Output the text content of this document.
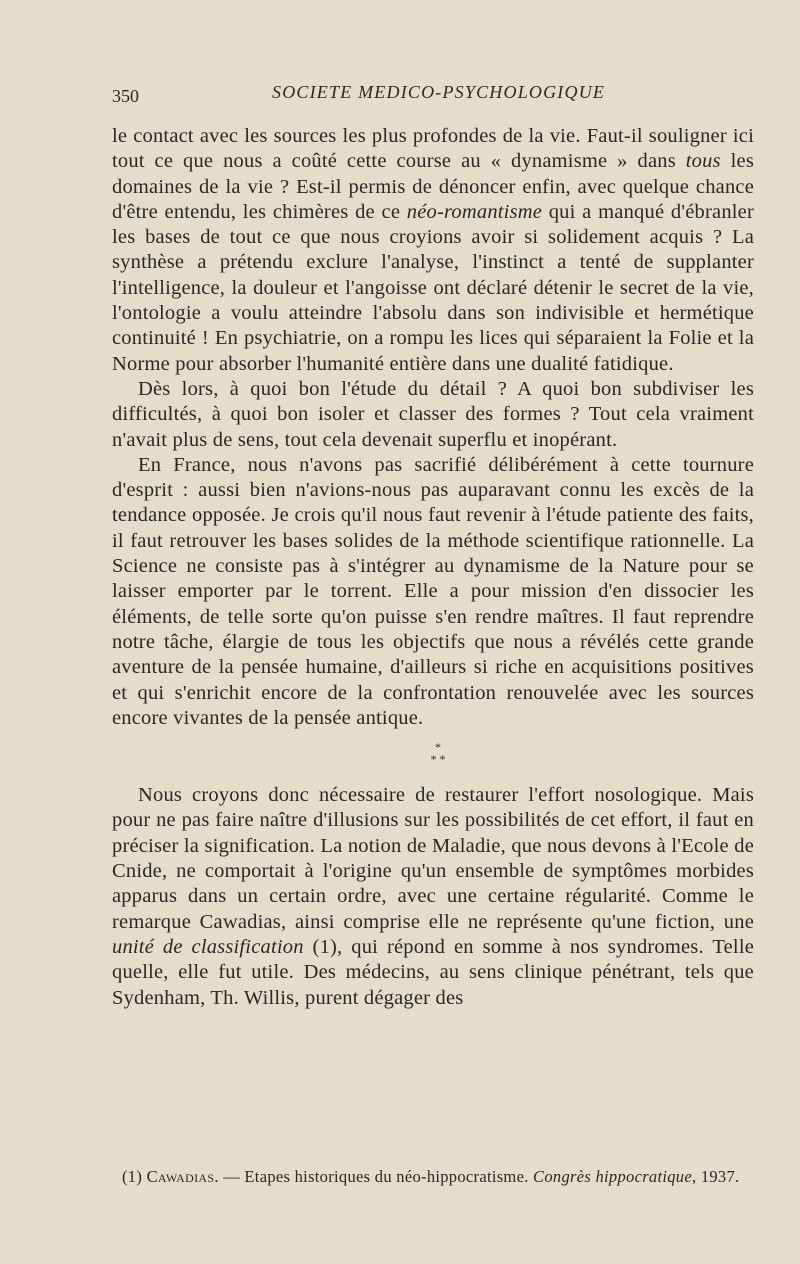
350	SOCIETE MEDICO-PSYCHOLOGIQUE

le contact avec les sources les plus profondes de la vie. Faut-il souligner ici tout ce que nous a coûté cette course au « dynamisme » dans tous les domaines de la vie ? Est-il permis de dénoncer enfin, avec quelque chance d'être entendu, les chimères de ce néo-romantisme qui a manqué d'ébranler les bases de tout ce que nous croyions avoir si solidement acquis ? La synthèse a prétendu exclure l'analyse, l'instinct a tenté de supplanter l'intelligence, la douleur et l'angoisse ont déclaré détenir le secret de la vie, l'ontologie a voulu atteindre l'absolu dans son indivisible et hermétique continuité ! En psychiatrie, on a rompu les lices qui séparaient la Folie et la Norme pour absorber l'humanité entière dans une dualité fatidique.

Dès lors, à quoi bon l'étude du détail ? A quoi bon subdiviser les difficultés, à quoi bon isoler et classer des formes ? Tout cela vraiment n'avait plus de sens, tout cela devenait superflu et inopérant.

En France, nous n'avons pas sacrifié délibérément à cette tournure d'esprit : aussi bien n'avions-nous pas auparavant connu les excès de la tendance opposée. Je crois qu'il nous faut revenir à l'étude patiente des faits, il faut retrouver les bases solides de la méthode scientifique rationnelle. La Science ne consiste pas à s'intégrer au dynamisme de la Nature pour se laisser emporter par le torrent. Elle a pour mission d'en dissocier les éléments, de telle sorte qu'on puisse s'en rendre maîtres. Il faut reprendre notre tâche, élargie de tous les objectifs que nous a révélés cette grande aventure de la pensée humaine, d'ailleurs si riche en acquisitions positives et qui s'enrichit encore de la confrontation renouvelée avec les sources encore vivantes de la pensée antique.

*
* *

Nous croyons donc nécessaire de restaurer l'effort nosologique. Mais pour ne pas faire naître d'illusions sur les possibilités de cet effort, il faut en préciser la signification. La notion de Maladie, que nous devons à l'Ecole de Cnide, ne comportait à l'origine qu'un ensemble de symptômes morbides apparus dans un certain ordre, avec une certaine régularité. Comme le remarque Cawadias, ainsi comprise elle ne représente qu'une fiction, une unité de classification (1), qui répond en somme à nos syndromes. Telle quelle, elle fut utile. Des médecins, au sens clinique pénétrant, tels que Sydenham, Th. Willis, purent dégager des

(1) Cawadias. — Etapes historiques du néo-hippocratisme. Congrès hippocratique, 1937.
